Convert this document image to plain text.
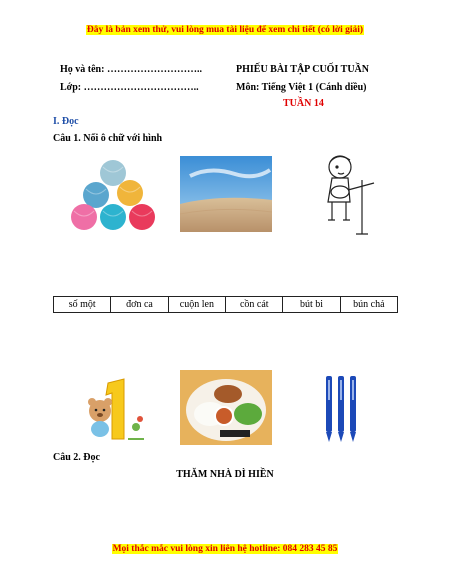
Đây là bản xem thử, vui lòng mua tài liệu để xem chi tiết (có lời giải)
Họ và tên: ………………………..
Lớp: ……………………………..
PHIẾU BÀI TẬP CUỐI TUẦN
Môn: Tiếng Việt 1 (Cánh diều)
TUẦN 14
I. Đọc
Câu 1. Nối ô chữ với hình
số một	đơn ca	cuộn len	cồn cát	bút bi	bún chả
Câu 2. Đọc
THĂM NHÀ DÌ HIỀN
Mọi thắc mắc vui lòng xin liên hệ hotline: 084 283 45 85
